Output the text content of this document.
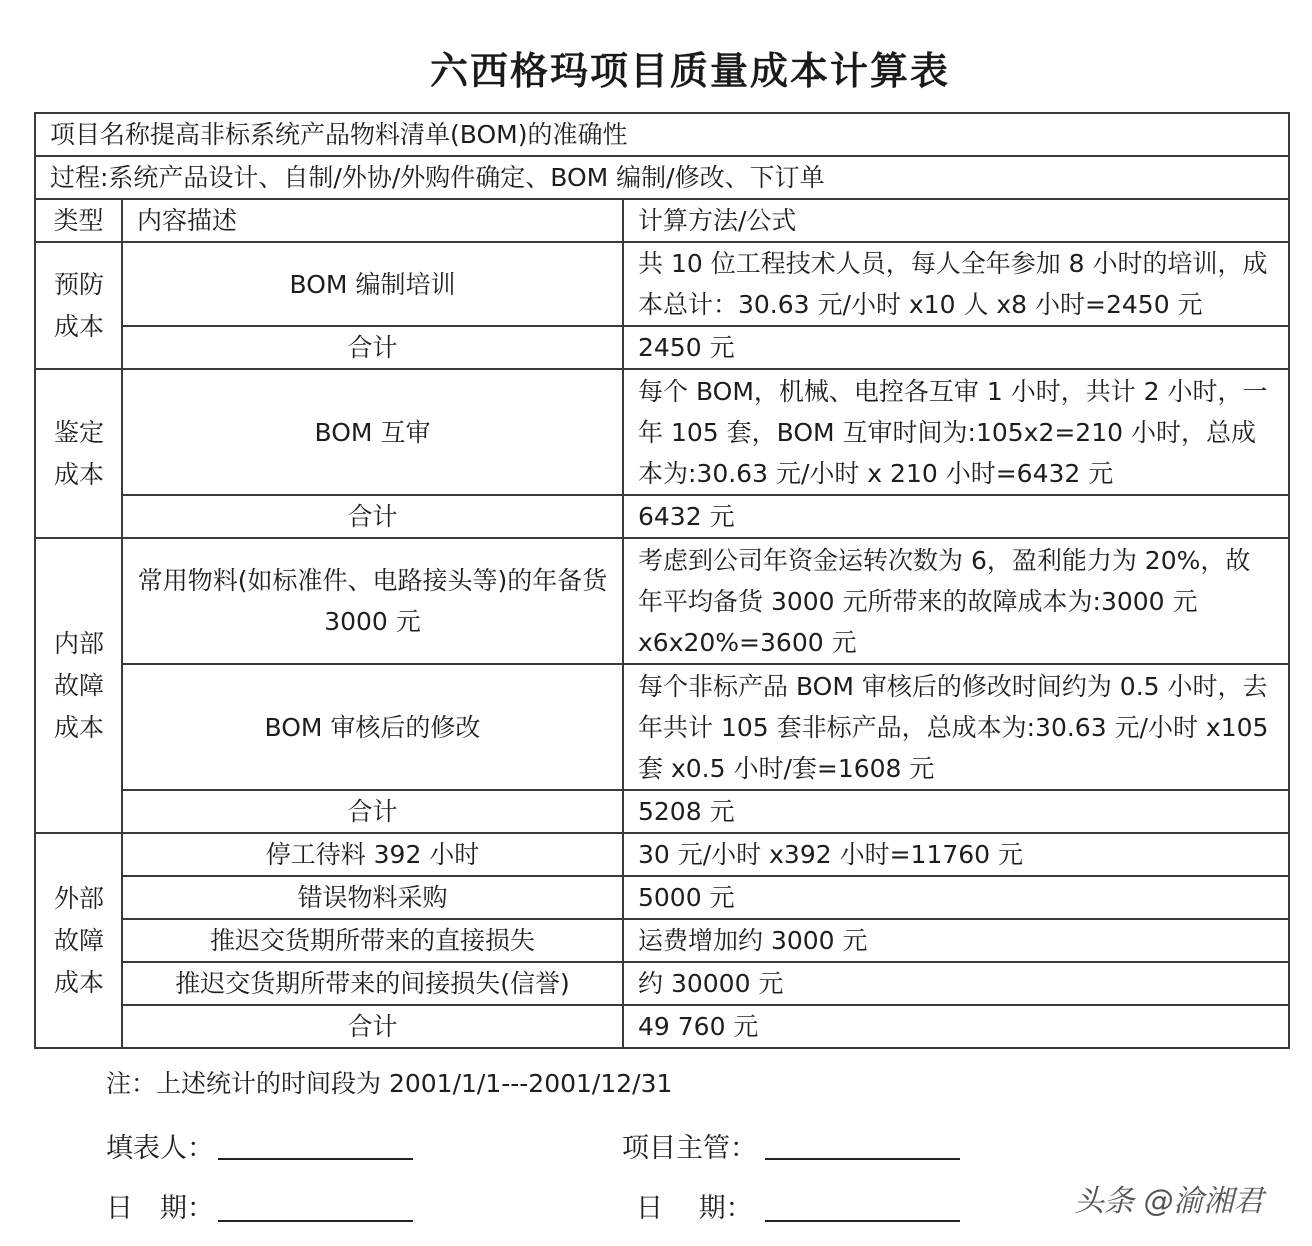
六西格玛项目质量成本计算表
项目名称提高非标系统产品物料清单(BOM)的准确性		
过程:系统产品设计、自制/外协/外购件确定、BOM 编制/修改、下订单		
类型	内容描述	计算方法/公式
预防成本	BOM 编制培训	共 10 位工程技术人员，每人全年参加 8 小时的培训，成本总计：30.63 元/小时 x10 人 x8 小时=2450 元
	合计	2450 元
鉴定成本	BOM 互审	每个 BOM，机械、电控各互审 1 小时，共计 2 小时，一年 105 套，BOM 互审时间为:105x2=210 小时，总成本为:30.63 元/小时 x 210 小时=6432 元
	合计	6432 元
内部故障成本	常用物料(如标准件、电路接头等)的年备货 3000 元	考虑到公司年资金运转次数为 6，盈利能力为 20%，故年平均备货 3000 元所带来的故障成本为:3000 元 x6x20%=3600 元
	BOM 审核后的修改	每个非标产品 BOM 审核后的修改时间约为 0.5 小时，去年共计 105 套非标产品，总成本为:30.63 元/小时 x105 套 x0.5 小时/套=1608 元
	合计	5208 元
外部故障成本	停工待料 392 小时	30 元/小时 x392 小时=11760 元
	错误物料采购	5000 元
	推迟交货期所带来的直接损失	运费增加约 3000 元
	推迟交货期所带来的间接损失(信誉)	约 30000 元
	合计	49 760 元
注：上述统计的时间段为 2001/1/1---2001/12/31
填表人：	项目主管：
日　期：	日　 期：	头条 @渝湘君
